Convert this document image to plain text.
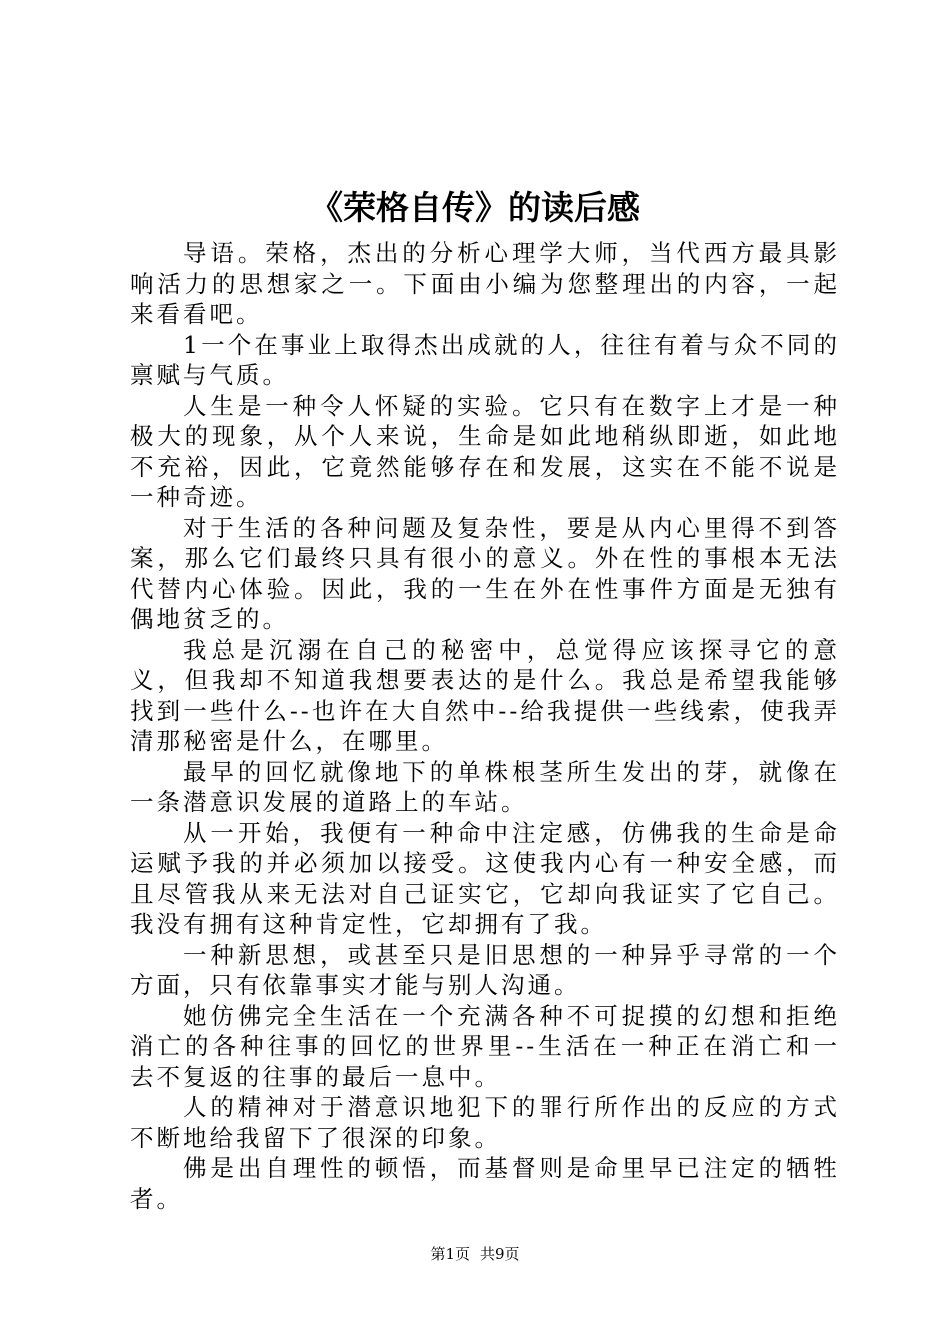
《荣格自传》的读后感

导语。荣格，杰出的分析心理学大师，当代西方最具影响活力的思想家之一。下面由小编为您整理出的内容，一起来看看吧。

1一个在事业上取得杰出成就的人，往往有着与众不同的禀赋与气质。

人生是一种令人怀疑的实验。它只有在数字上才是一种极大的现象，从个人来说，生命是如此地稍纵即逝，如此地不充裕，因此，它竟然能够存在和发展，这实在不能不说是一种奇迹。

对于生活的各种问题及复杂性，要是从内心里得不到答案，那么它们最终只具有很小的意义。外在性的事根本无法代替内心体验。因此，我的一生在外在性事件方面是无独有偶地贫乏的。

我总是沉溺在自己的秘密中，总觉得应该探寻它的意义，但我却不知道我想要表达的是什么。我总是希望我能够找到一些什么--也许在大自然中--给我提供一些线索，使我弄清那秘密是什么，在哪里。

最早的回忆就像地下的单株根茎所生发出的芽，就像在一条潜意识发展的道路上的车站。

从一开始，我便有一种命中注定感，仿佛我的生命是命运赋予我的并必须加以接受。这使我内心有一种安全感，而且尽管我从来无法对自己证实它，它却向我证实了它自己。我没有拥有这种肯定性，它却拥有了我。

一种新思想，或甚至只是旧思想的一种异乎寻常的一个方面，只有依靠事实才能与别人沟通。

她仿佛完全生活在一个充满各种不可捉摸的幻想和拒绝消亡的各种往事的回忆的世界里--生活在一种正在消亡和一去不复返的往事的最后一息中。

人的精神对于潜意识地犯下的罪行所作出的反应的方式不断地给我留下了很深的印象。

佛是出自理性的顿悟，而基督则是命里早已注定的牺牲者。

第1页 共9页
